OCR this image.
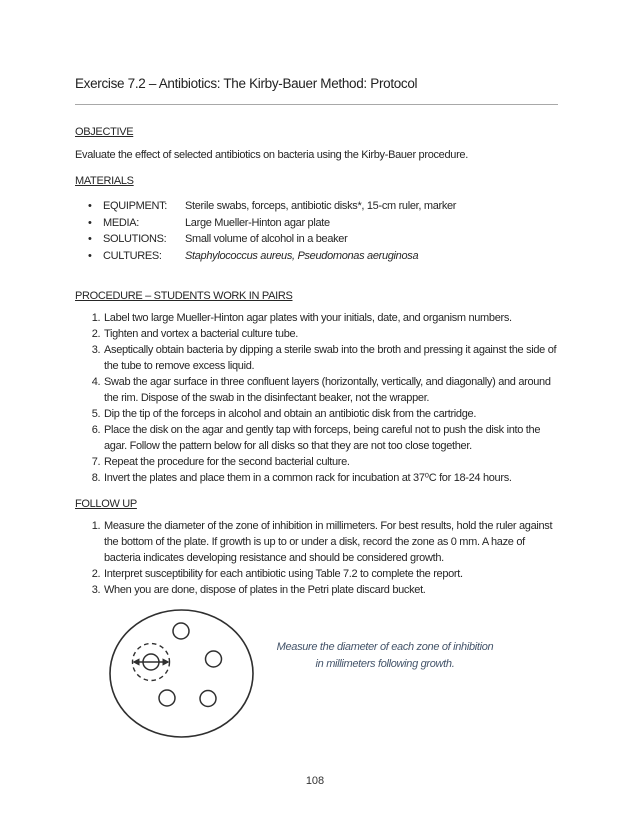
Exercise 7.2 – Antibiotics: The Kirby-Bauer Method: Protocol
OBJECTIVE
Evaluate the effect of selected antibiotics on bacteria using the Kirby-Bauer procedure.
MATERIALS
•
EQUIPMENT:	Sterile swabs, forceps, antibiotic disks*, 15-cm ruler, marker
•
MEDIA:	Large Mueller-Hinton agar plate
•
SOLUTIONS:	Small volume of alcohol in a beaker
•
CULTURES:	Staphylococcus aureus, Pseudomonas aeruginosa
PROCEDURE – STUDENTS WORK IN PAIRS
1. Label two large Mueller-Hinton agar plates with your initials, date, and organism numbers.
2. Tighten and vortex a bacterial culture tube.
3. Aseptically obtain bacteria by dipping a sterile swab into the broth and pressing it against the side of the tube to remove excess liquid.
4. Swab the agar surface in three confluent layers (horizontally, vertically, and diagonally) and around the rim. Dispose of the swab in the disinfectant beaker, not the wrapper.
5. Dip the tip of the forceps in alcohol and obtain an antibiotic disk from the cartridge.
6. Place the disk on the agar and gently tap with forceps, being careful not to push the disk into the agar. Follow the pattern below for all disks so that they are not too close together.
7. Repeat the procedure for the second bacterial culture.
8. Invert the plates and place them in a common rack for incubation at 37⁰C for 18-24 hours.
FOLLOW UP
1. Measure the diameter of the zone of inhibition in millimeters. For best results, hold the ruler against the bottom of the plate. If growth is up to or under a disk, record the zone as 0 mm. A haze of bacteria indicates developing resistance and should be considered growth.
2. Interpret susceptibility for each antibiotic using Table 7.2 to complete the report.
3. When you are done, dispose of plates in the Petri plate discard bucket.
Measure the diameter of each zone of inhibition
in millimeters following growth.
108
